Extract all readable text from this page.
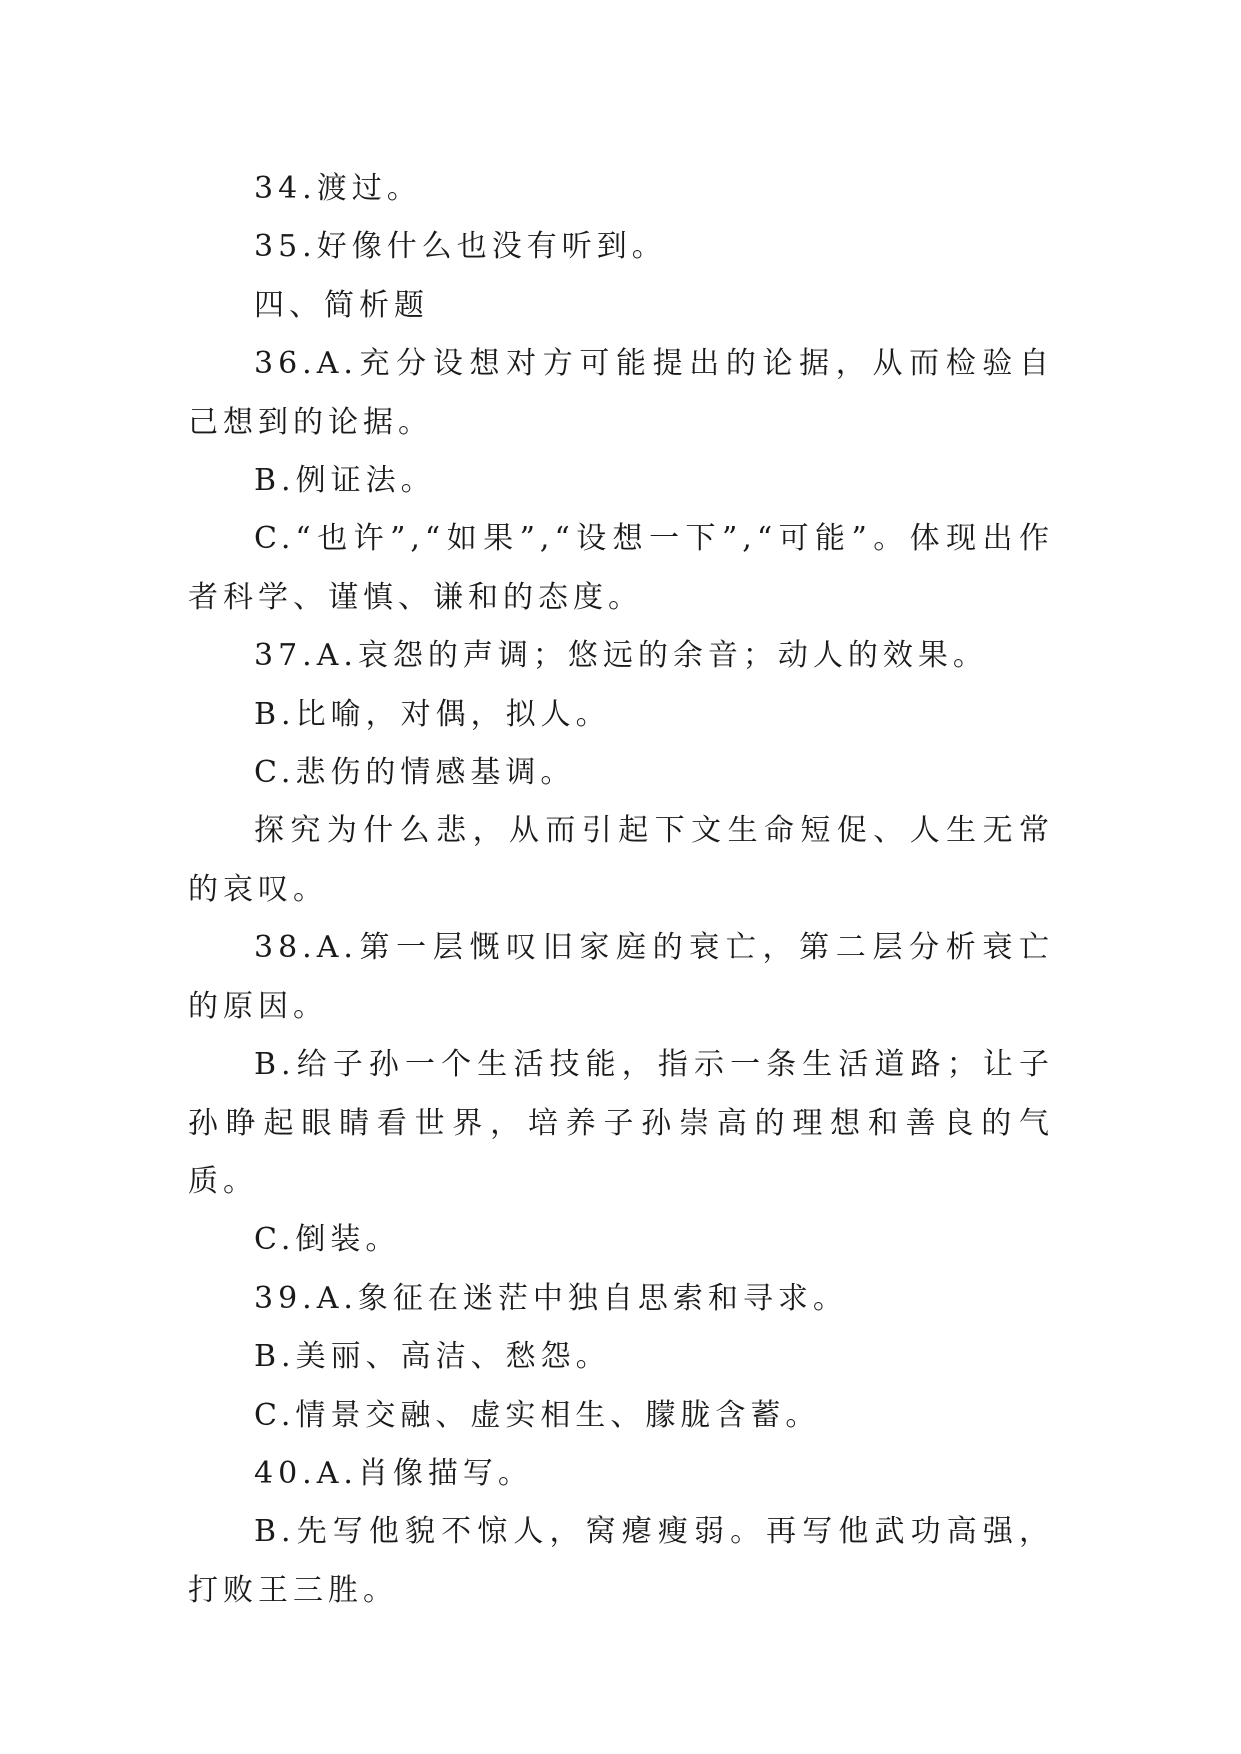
34.渡过。

35.好像什么也没有听到。

四、简析题

36.A.充分设想对方可能提出的论据，从而检验自己想到的论据。

B.例证法。

C.“也许”,“如果”,“设想一下”,“可能”。体现出作者科学、谨慎、谦和的态度。

37.A.哀怨的声调；悠远的余音；动人的效果。

B.比喻，对偶，拟人。

C.悲伤的情感基调。

探究为什么悲，从而引起下文生命短促、人生无常的哀叹。

38.A.第一层慨叹旧家庭的衰亡，第二层分析衰亡的原因。

B.给子孙一个生活技能，指示一条生活道路；让子孙睁起眼睛看世界，培养子孙崇高的理想和善良的气质。

C.倒装。

39.A.象征在迷茫中独自思索和寻求。

B.美丽、高洁、愁怨。

C.情景交融、虚实相生、朦胧含蓄。

40.A.肖像描写。

B.先写他貌不惊人，窝瘪瘦弱。再写他武功高强，打败王三胜。
